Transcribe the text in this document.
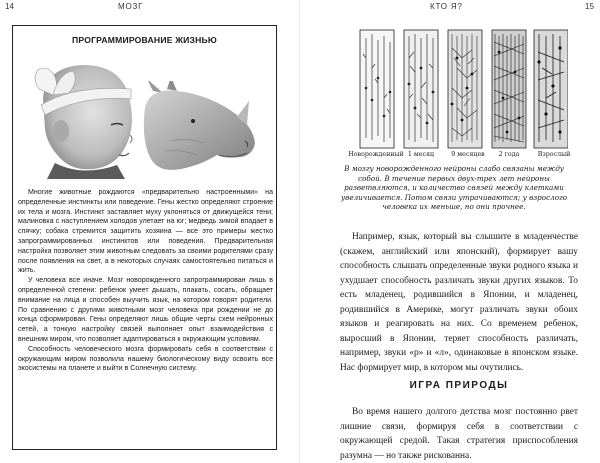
14	МОЗГ
ПРОГРАММИРОВАНИЕ ЖИЗНЬЮ

Многие животные рождаются «предварительно настроенными» на определенные инстинкты или поведение. Гены жестко определяют строение их тела и мозга. Инстинкт заставляет муху уклоняться от движущейся тени; малиновка с наступлением холодов улетает на юг; медведь зимой впадает в спячку; собака стремится защитить хозяина — все это примеры жестко запрограммированных инстинктов или поведения. Предварительная настройка позволяет этим животным следовать за своими родителями сразу после появления на свет, а в некоторых случаях самостоятельно питаться и жить.

У человека все иначе. Мозг новорожденного запрограммирован лишь в определенной степени: ребенок умеет дышать, плакать, сосать, обращает внимание на лица и способен выучить язык, на котором говорят родители. По сравнению с другими животными мозг человека при рождении не до конца сформирован. Гены определяют лишь общие черты схем нейронных сетей, а тонкую настройку связей выполняет опыт взаимодействия с внешним миром, что позволяет адаптироваться к окружающим условиям.

Способность человеческого мозга формировать себя в соответствии с окружающим миром позволила нашему биологическому виду освоить все экосистемы на планете и выйти в Солнечную систему.

КТО Я?	15
Новорожденный 1 месяц	9 месяцев	2 года	Взрослый
В мозгу новорожденного нейроны слабо связаны между собой. В течение первых двух-трех лет нейроны разветвляются, и количество связей между клетками увеличивается. Потом связи утрачиваются; у взрослого человека их меньше, но они прочнее.

Например, язык, который вы слышите в младенчестве (скажем, английский или японский), формирует вашу способность слышать определенные звуки родного языка и ухудшает способность различать звуки других языков. То есть младенец, родившийся в Японии, и младенец, родившийся в Америке, могут различать звуки обоих языков и реагировать на них. Со временем ребенок, выросший в Японии, теряет способность различать, например, звуки «р» и «л», одинаковые в японском языке. Нас формирует мир, в котором мы очутились.

ИГРА ПРИРОДЫ

Во время нашего долгого детства мозг постоянно рвет лишние связи, формируя себя в соответствии с окружающей средой. Такая стратегия приспособления разумна — но также рискованна.
